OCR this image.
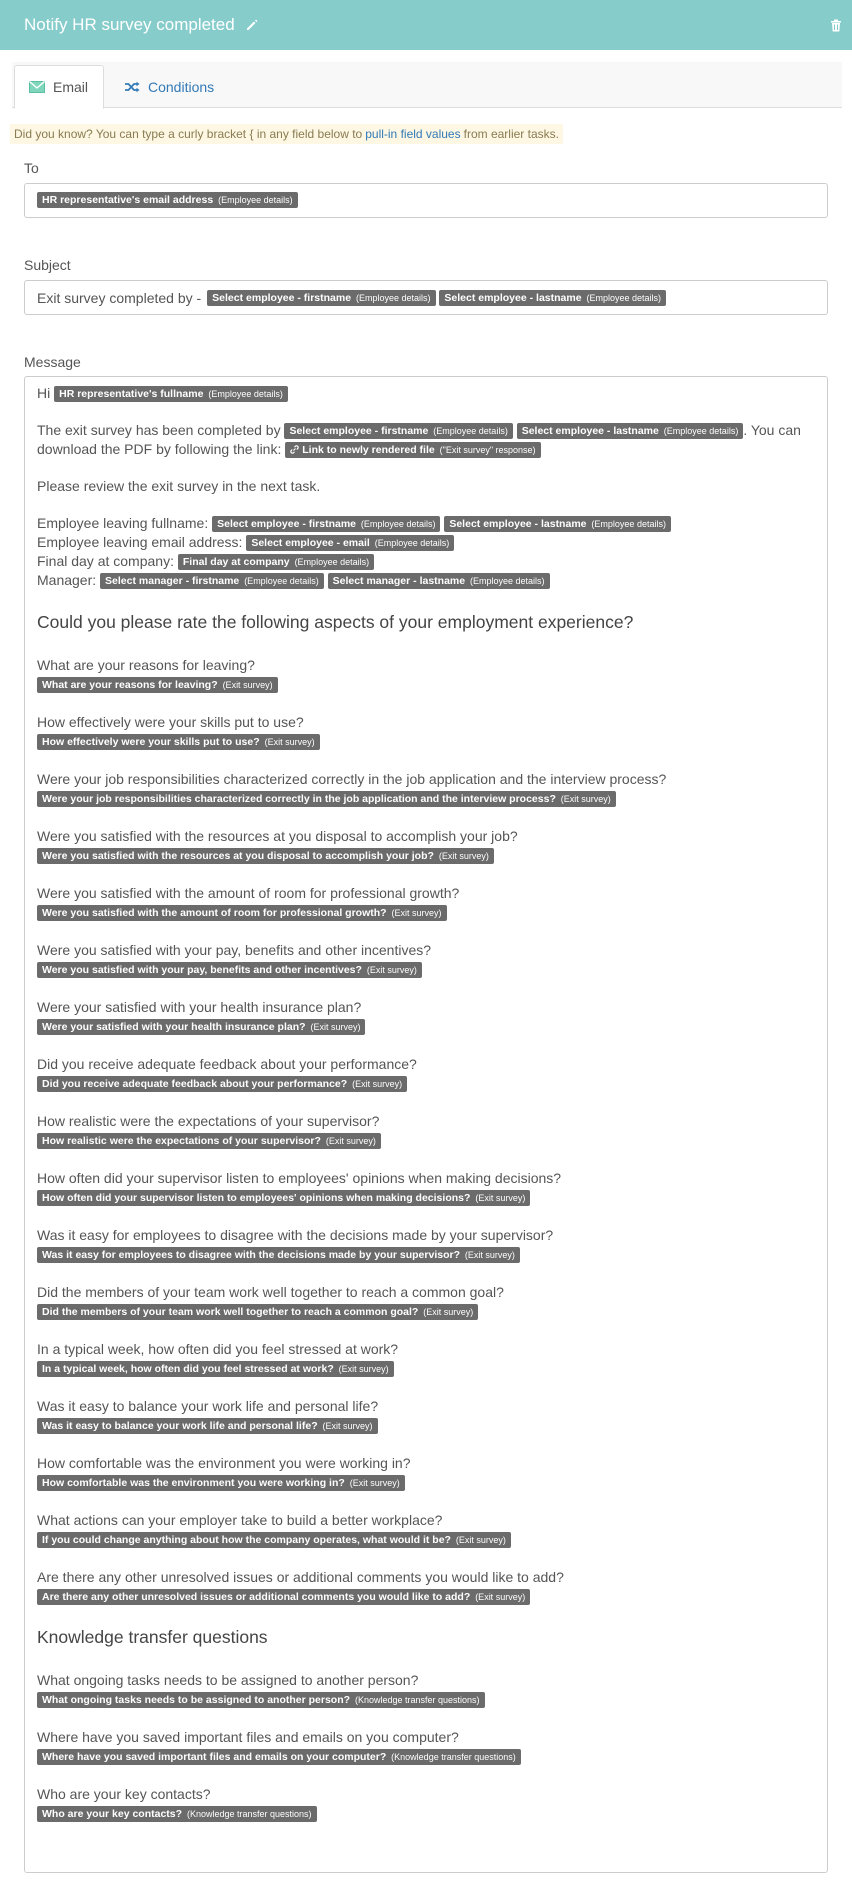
Notify HR survey completed
Email	Conditions
Did you know? You can type a curly bracket { in any field below to pull-in field values from earlier tasks.
To
HR representative's email address (Employee details)
Subject
Exit survey completed by -	Select employee - firstname (Employee details)
	Select employee - lastname (Employee details)
Message
Hi HR representative's fullname (Employee details)
The exit survey has been completed by Select employee - firstname (Employee details) Select employee - lastname (Employee details) . You can download the PDF by following the link: Link to newly rendered file ("Exit survey" response)
Please review the exit survey in the next task.
Employee leaving fullname: Select employee - firstname (Employee details) Select employee - lastname (Employee details)
Employee leaving email address: Select employee - email (Employee details)
Final day at company: Final day at company (Employee details)
Manager: Select manager - firstname (Employee details) Select manager - lastname (Employee details)
Could you please rate the following aspects of your employment experience?
What are your reasons for leaving?
What are your reasons for leaving? (Exit survey)
How effectively were your skills put to use?
How effectively were your skills put to use? (Exit survey)
Were your job responsibilities characterized correctly in the job application and the interview process?
Were your job responsibilities characterized correctly in the job application and the interview process? (Exit survey)
Were you satisfied with the resources at you disposal to accomplish your job?
Were you satisfied with the resources at you disposal to accomplish your job? (Exit survey)
Were you satisfied with the amount of room for professional growth?
Were you satisfied with the amount of room for professional growth? (Exit survey)
Were you satisfied with your pay, benefits and other incentives?
Were you satisfied with your pay, benefits and other incentives? (Exit survey)
Were your satisfied with your health insurance plan?
Were your satisfied with your health insurance plan? (Exit survey)
Did you receive adequate feedback about your performance?
Did you receive adequate feedback about your performance? (Exit survey)
How realistic were the expectations of your supervisor?
How realistic were the expectations of your supervisor? (Exit survey)
How often did your supervisor listen to employees' opinions when making decisions?
How often did your supervisor listen to employees' opinions when making decisions? (Exit survey)
Was it easy for employees to disagree with the decisions made by your supervisor?
Was it easy for employees to disagree with the decisions made by your supervisor? (Exit survey)
Did the members of your team work well together to reach a common goal?
Did the members of your team work well together to reach a common goal? (Exit survey)
In a typical week, how often did you feel stressed at work?
In a typical week, how often did you feel stressed at work? (Exit survey)
Was it easy to balance your work life and personal life?
Was it easy to balance your work life and personal life? (Exit survey)
How comfortable was the environment you were working in?
How comfortable was the environment you were working in? (Exit survey)
What actions can your employer take to build a better workplace?
If you could change anything about how the company operates, what would it be? (Exit survey)
Are there any other unresolved issues or additional comments you would like to add?
Are there any other unresolved issues or additional comments you would like to add? (Exit survey)
Knowledge transfer questions
What ongoing tasks needs to be assigned to another person?
What ongoing tasks needs to be assigned to another person? (Knowledge transfer questions)
Where have you saved important files and emails on you computer?
Where have you saved important files and emails on your computer? (Knowledge transfer questions)
Who are your key contacts?
Who are your key contacts? (Knowledge transfer questions)
